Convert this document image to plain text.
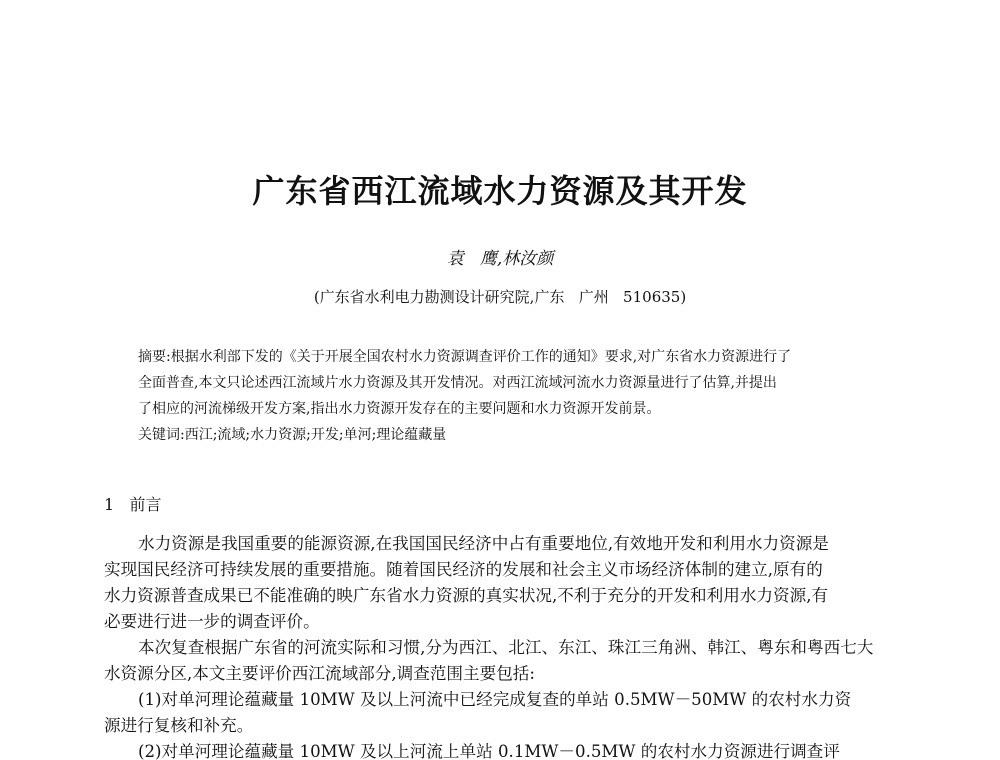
广东省西江流域水力资源及其开发
袁   鹰,林汝颜
(广东省水利电力勘测设计研究院,广东   广州   510635)
摘要:根据水利部下发的《关于开展全国农村水力资源调查评价工作的通知》要求,对广东省水力资源进行了
全面普查,本文只论述西江流域片水力资源及其开发情况。对西江流域河流水力资源量进行了估算,并提出
了相应的河流梯级开发方案,指出水力资源开发存在的主要问题和水力资源开发前景。
关键词:西江;流域;水力资源;开发;单河;理论蕴藏量
1   前言
水力资源是我国重要的能源资源,在我国国民经济中占有重要地位,有效地开发和利用水力资源是
实现国民经济可持续发展的重要措施。随着国民经济的发展和社会主义市场经济体制的建立,原有的
水力资源普查成果已不能准确的映广东省水力资源的真实状况,不利于充分的开发和利用水力资源,有
必要进行进一步的调查评价。
本次复查根据广东省的河流实际和习惯,分为西江、北江、东江、珠江三角洲、韩江、粤东和粤西七大
水资源分区,本文主要评价西江流域部分,调查范围主要包括:
(1)对单河理论蕴藏量 10MW 及以上河流中已经完成复查的单站 0.5MW－50MW 的农村水力资
源进行复核和补充。
(2)对单河理论蕴藏量 10MW 及以上河流上单站 0.1MW－0.5MW 的农村水力资源进行调查评
